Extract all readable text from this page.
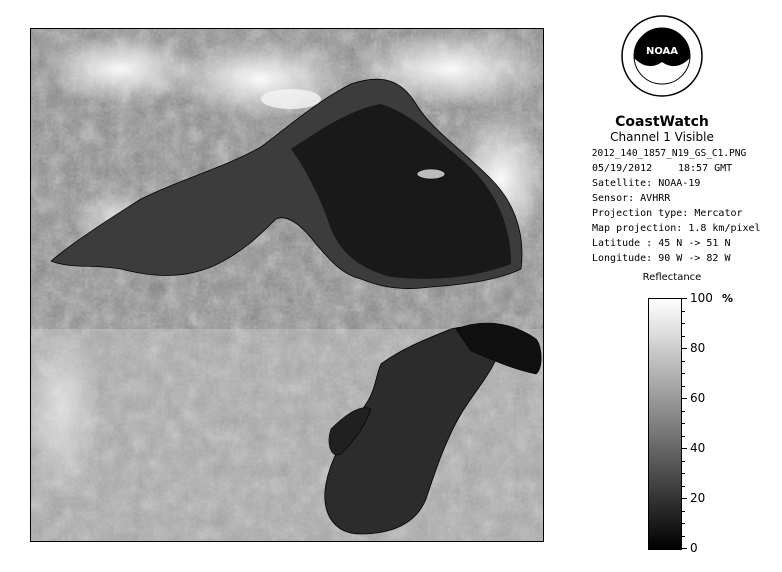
NOAA
CoastWatch
Channel 1 Visible
2012_140_1857_N19_GS_C1.PNG
05/19/2012	18:57 GMT
Satellite: NOAA-19
Sensor: AVHRR
Projection type: Mercator
Map projection: 1.8 km/pixel
Latitude : 45 N -> 51 N
Longitude: 90 W -> 82 W
Reflectance
%
0
20
40
60
80
100
